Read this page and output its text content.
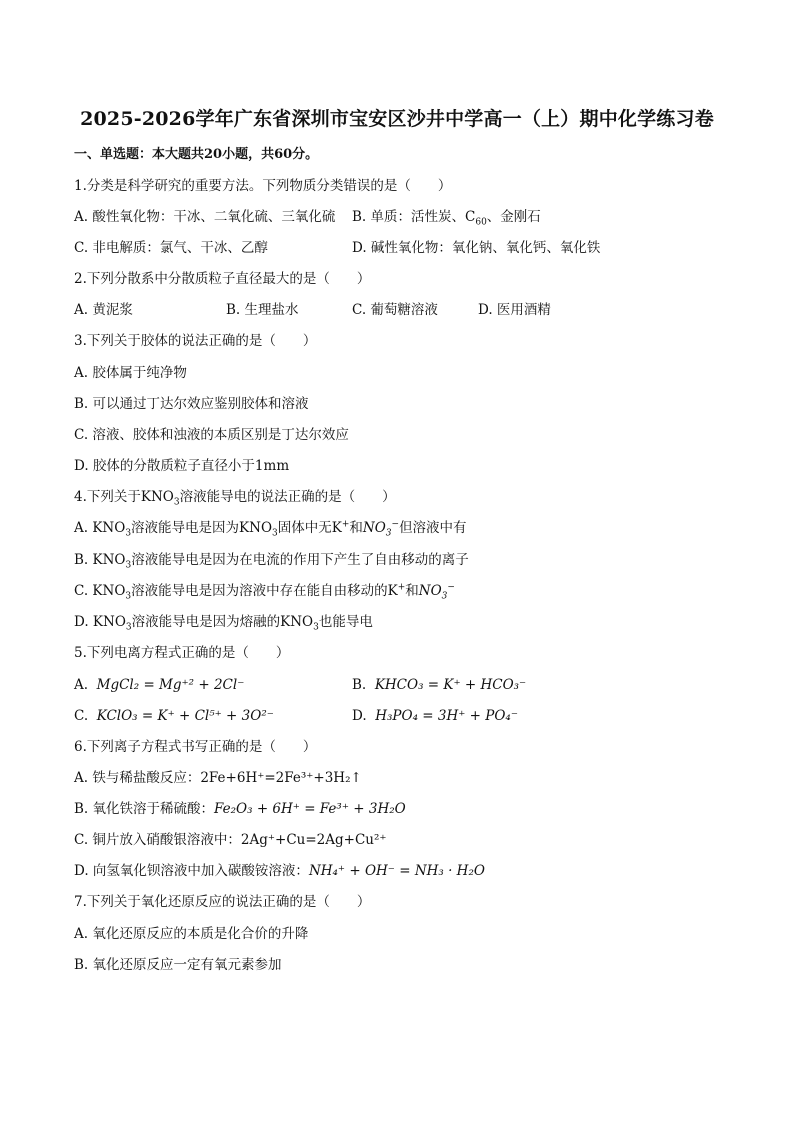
2025-2026学年广东省深圳市宝安区沙井中学高一（上）期中化学练习卷
一、单选题：本大题共20小题，共60分。
1.分类是科学研究的重要方法。下列物质分类错误的是（　　）
A. 酸性氧化物：干冰、二氧化硫、三氧化硫 B. 单质：活性炭、$C_{60}$、金刚石
C. 非电解质：氯气、干冰、乙醇	D. 碱性氧化物：氧化钠、氧化钙、氧化铁
2.下列分散系中分散质粒子直径最大的是（　　）
A. 黄泥浆	B. 生理盐水	C. 葡萄糖溶液	D. 医用酒精
3.下列关于胶体的说法正确的是（　　）
A. 胶体属于纯净物
B. 可以通过丁达尔效应鉴别胶体和溶液
C. 溶液、胶体和浊液的本质区别是丁达尔效应
D. 胶体的分散质粒子直径小于1mm
4.下列关于$KNO_3$溶液能导电的说法正确的是（　　）
A. $KNO_3$溶液能导电是因为$KNO_3$固体中无K+和$NO_3^-$但溶液中有
B. $KNO_3$溶液能导电是因为在电流的作用下产生了自由移动的离子
C. $KNO_3$溶液能导电是因为溶液中存在能自由移动的K+和$NO_3^-$
D. $KNO_3$溶液能导电是因为熔融的$KNO_3$也能导电
5.下列电离方程式正确的是（　　）
A. MgCl₂ = Mg⁺² + 2Cl⁻	B. KHCO₃ = K⁺ + HCO₃⁻
C. KClO₃ = K⁺ + Cl⁵⁺ + 3O²⁻	D. H₃PO₄ = 3H⁺ + PO₄⁻
6.下列离子方程式书写正确的是（　　）
A. 铁与稀盐酸反应：2Fe+6H⁺=2Fe³⁺+3H₂↑
B. 氧化铁溶于稀硫酸：Fe₂O₃ + 6H⁺ = Fe³⁺ + 3H₂O
C. 铜片放入硝酸银溶液中：2Ag⁺+Cu=2Ag+Cu²⁺
D. 向氢氧化钡溶液中加入碳酸铵溶液：NH₄⁺ + OH⁻ = NH₃ · H₂O
7.下列关于氧化还原反应的说法正确的是（　　）
A. 氧化还原反应的本质是化合价的升降
B. 氧化还原反应一定有氧元素参加
